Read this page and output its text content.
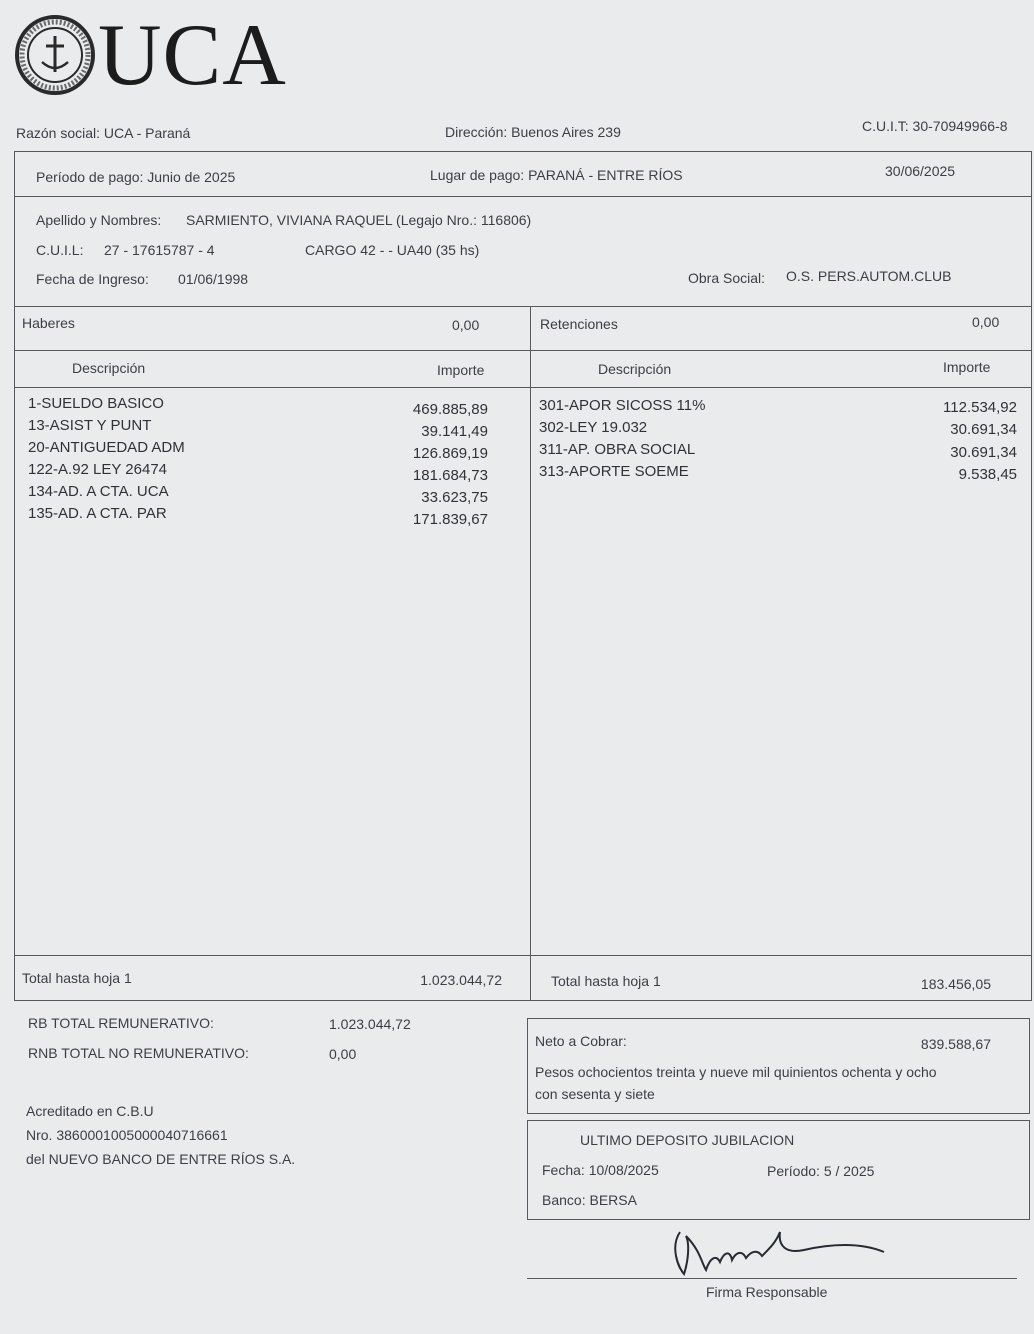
UCA
Razón social: UCA - Paraná	Dirección: Buenos Aires 239	C.U.I.T: 30-70949966-8
Período de pago: Junio de 2025	Lugar de pago: PARANÁ - ENTRE RÍOS	30/06/2025
Apellido y Nombres: SARMIENTO, VIVIANA RAQUEL (Legajo Nro.: 116806)
C.U.I.L: 27 - 17615787 - 4	CARGO 42 - - UA40 (35 hs)
Fecha de Ingreso: 01/06/1998	Obra Social: O.S. PERS.AUTOM.CLUB
Haberes	0,00
Descripción	Importe
Retenciones	0,00
Descripción	Importe
1-SUELDO BASICO	469.885,89
13-ASIST Y PUNT	39.141,49
20-ANTIGUEDAD ADM	126.869,19
122-A.92 LEY 26474	181.684,73
134-AD. A CTA. UCA	33.623,75
135-AD. A CTA. PAR	171.839,67
301-APOR SICOSS 11%	112.534,92
302-LEY 19.032	30.691,34
311-AP. OBRA SOCIAL	30.691,34
313-APORTE SOEME	9.538,45
Total hasta hoja 1	1.023.044,72	Total hasta hoja 1	183.456,05
RB TOTAL REMUNERATIVO:	1.023.044,72
RNB TOTAL NO REMUNERATIVO:	0,00
Acreditado en C.B.U
Nro. 3860001005000040716661
del NUEVO BANCO DE ENTRE RÍOS S.A.
Neto a Cobrar:	839.588,67
Pesos ochocientos treinta y nueve mil quinientos ochenta y ocho
con sesenta y siete
ULTIMO DEPOSITO JUBILACION
Fecha: 10/08/2025	Período: 5 / 2025
Banco: BERSA
Firma Responsable
